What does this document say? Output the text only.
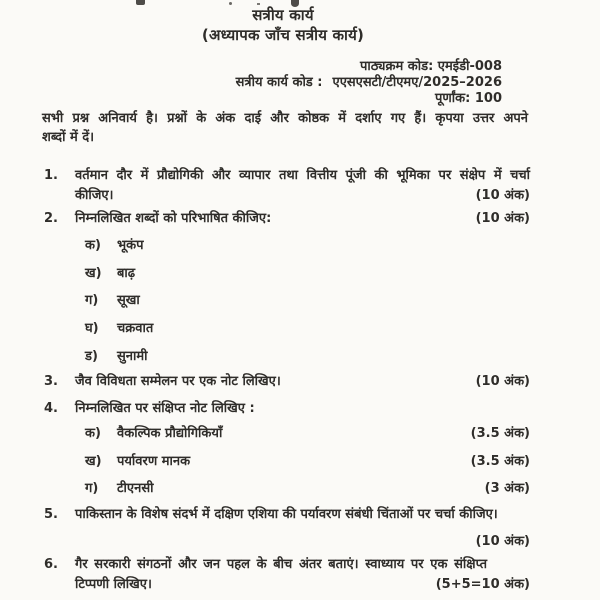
सत्रीय कार्य
(अध्यापक जाँच सत्रीय कार्य)
पाठ्यक्रम कोड: एमईडी-008
सत्रीय कार्य कोड : एएसएसटी/टीएमए/2025–2026
पूर्णांक: 100
सभी प्रश्न अनिवार्य है। प्रश्नों के अंक दाई और कोष्ठक में दर्शाए गए हैं। कृपया उत्तर अपने
शब्दों में दें।
1.	वर्तमान दौर में प्रौद्योगिकी और व्यापार तथा वित्तीय पूंजी की भूमिका पर संक्षेप में चर्चा
कीजिए।	(10 अंक)
2.	निम्नलिखित शब्दों को परिभाषित कीजिए:	(10 अंक)
क)	भूकंप
ख)	बाढ़
ग)	सूखा
घ)	चक्रवात
ड)	सुनामी
3.	जैव विविधता सम्मेलन पर एक नोट लिखिए।	(10 अंक)
4.	निम्नलिखित पर संक्षिप्त नोट लिखिए :
क)	वैकल्पिक प्रौद्योगिकियाँ	(3.5 अंक)
ख)	पर्यावरण मानक	(3.5 अंक)
ग)	टीएनसी	(3 अंक)
5.	पाकिस्तान के विशेष संदर्भ में दक्षिण एशिया की पर्यावरण संबंधी चिंताओं पर चर्चा कीजिए।
(10 अंक)
6.	गैर सरकारी संगठनों और जन पहल के बीच अंतर बताएं। स्वाध्याय पर एक संक्षिप्त
टिप्पणी लिखिए।	(5+5=10 अंक)
